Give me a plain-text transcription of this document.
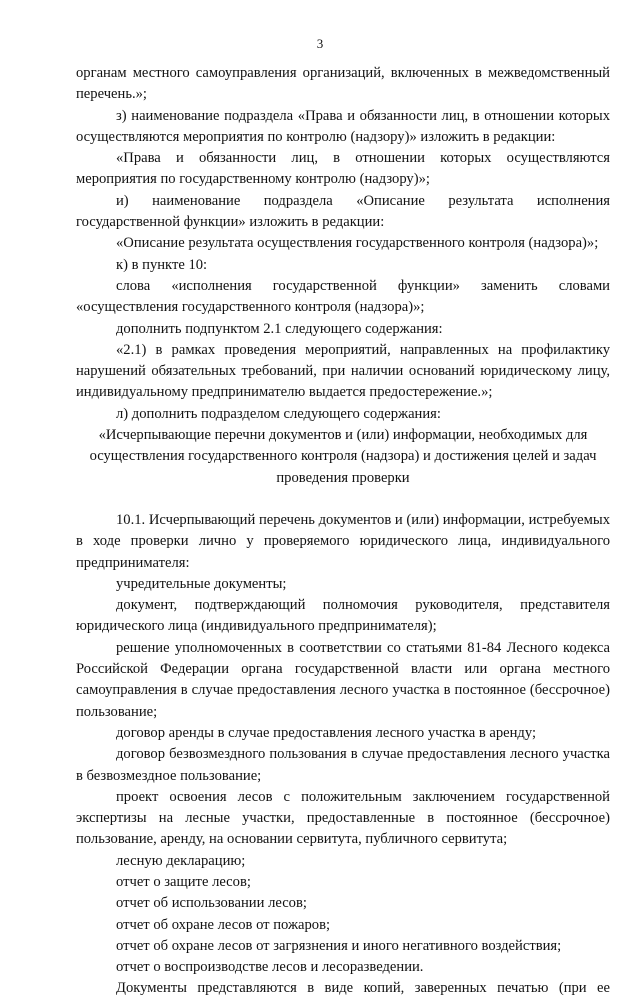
3

органам местного самоуправления организаций, включенных в межведомственный перечень.»;

з) наименование подраздела «Права и обязанности лиц, в отношении которых осуществляются мероприятия по контролю (надзору)» изложить в редакции:

«Права и обязанности лиц, в отношении которых осуществляются мероприятия по государственному контролю (надзору)»;

и) наименование подраздела «Описание результата исполнения государственной функции» изложить в редакции:

«Описание результата осуществления государственного контроля (надзора)»;

к) в пункте 10:

слова «исполнения государственной функции» заменить словами «осуществления государственного контроля (надзора)»;

дополнить подпунктом 2.1 следующего содержания:

«2.1) в рамках проведения мероприятий, направленных на профилактику нарушений обязательных требований, при наличии оснований юридическому лицу, индивидуальному предпринимателю выдается предостережение.»;

л) дополнить подразделом следующего содержания:

«Исчерпывающие перечни документов и (или) информации, необходимых для осуществления государственного контроля (надзора) и достижения целей и задач проведения проверки

10.1. Исчерпывающий перечень документов и (или) информации, истребуемых в ходе проверки лично у проверяемого юридического лица, индивидуального предпринимателя:

учредительные документы;

документ, подтверждающий полномочия руководителя, представителя юридического лица (индивидуального предпринимателя);

решение уполномоченных в соответствии со статьями 81-84 Лесного кодекса Российской Федерации органа государственной власти или органа местного самоуправления в случае предоставления лесного участка в постоянное (бессрочное) пользование;

договор аренды в случае предоставления лесного участка в аренду;

договор безвозмездного пользования в случае предоставления лесного участка в безвозмездное пользование;

проект освоения лесов с положительным заключением государственной экспертизы на лесные участки, предоставленные в постоянное (бессрочное) пользование, аренду, на основании сервитута, публичного сервитута;

лесную декларацию;

отчет о защите лесов;

отчет об использовании лесов;

отчет об охране лесов от пожаров;

отчет об охране лесов от загрязнения и иного негативного воздействия;

отчет о воспроизводстве лесов и лесоразведении.

Документы представляются в виде копий, заверенных печатью (при ее
